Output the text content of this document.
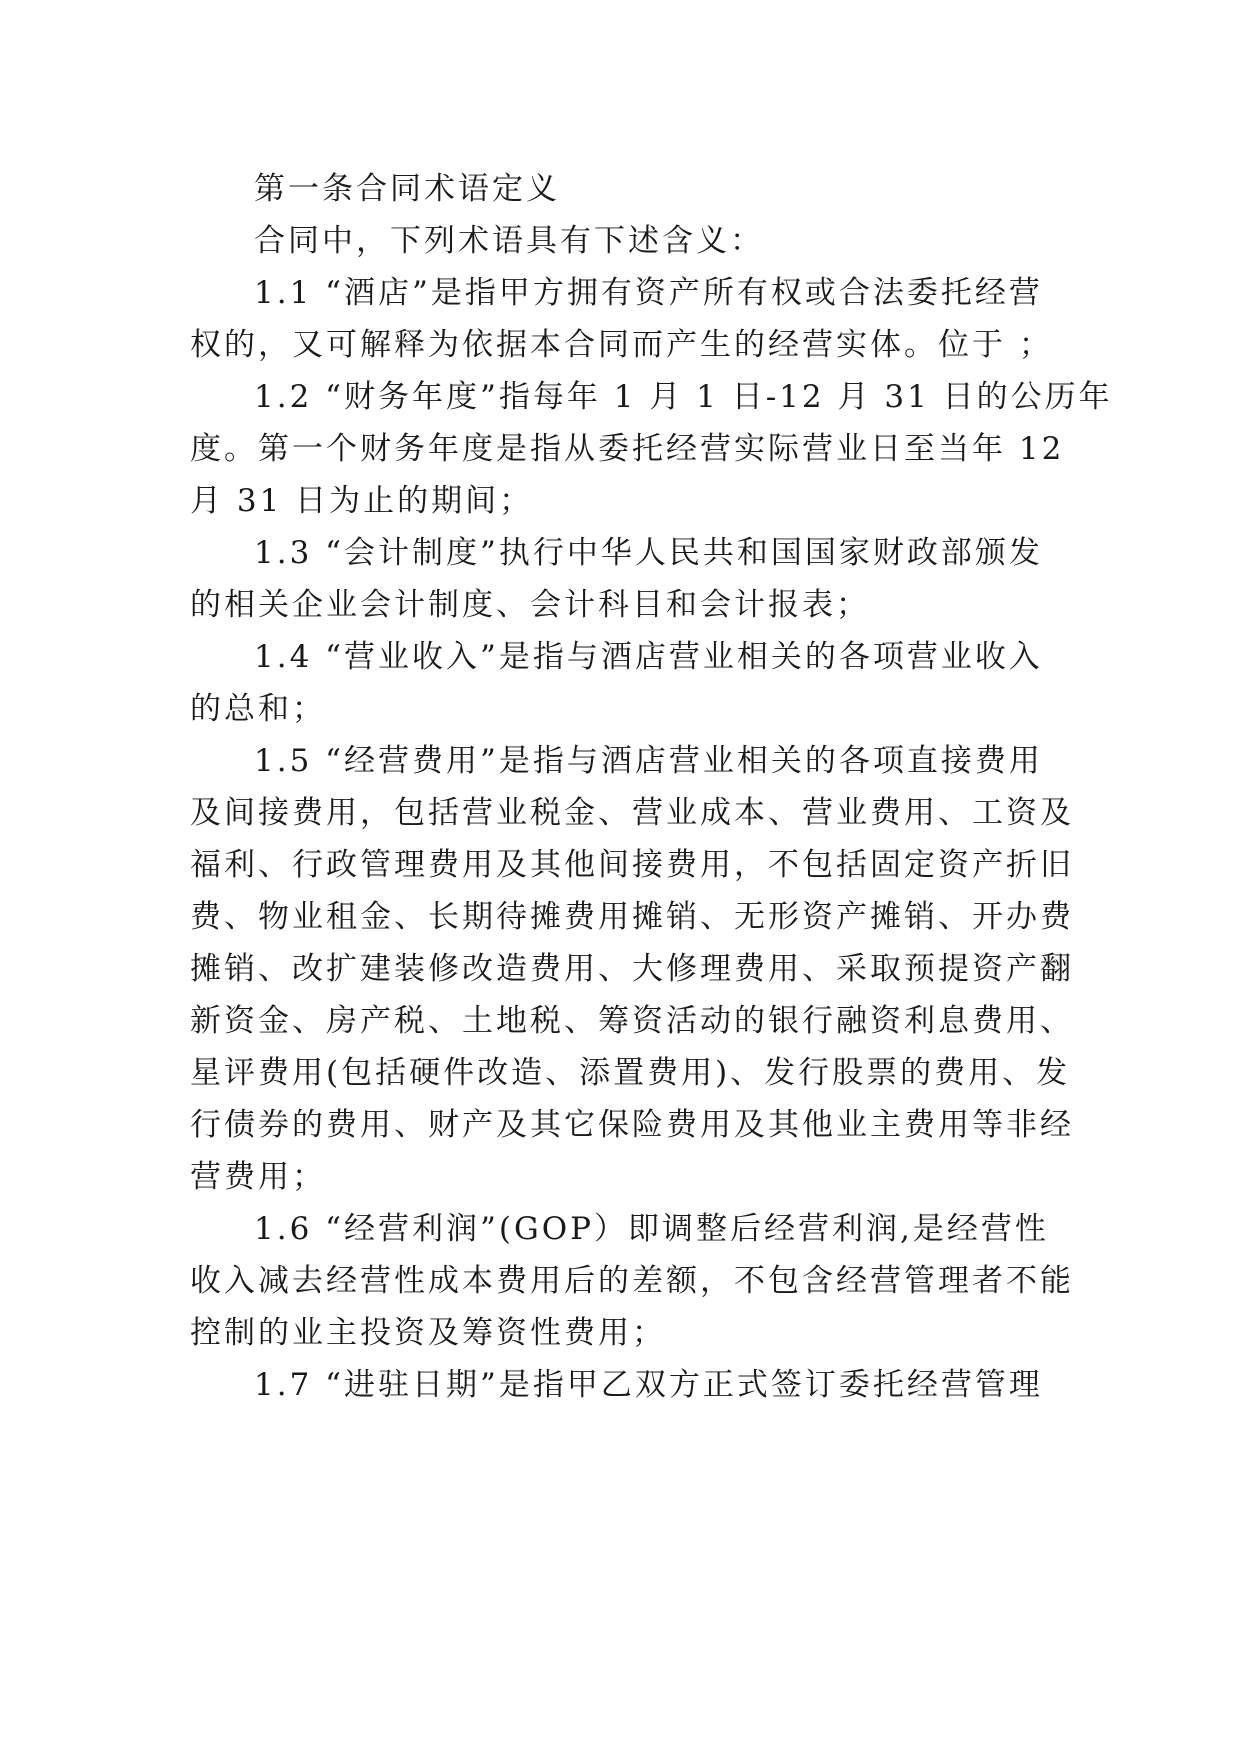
第一条合同术语定义
合同中，下列术语具有下述含义：
1.1 “酒店”是指甲方拥有资产所有权或合法委托经营
权的，又可解释为依据本合同而产生的经营实体。位于 ；
1.2 “财务年度”指每年 1 月 1 日-12 月 31 日的公历年
度。第一个财务年度是指从委托经营实际营业日至当年 12
月 31 日为止的期间；
1.3 “会计制度”执行中华人民共和国国家财政部颁发
的相关企业会计制度、会计科目和会计报表；
1.4 “营业收入”是指与酒店营业相关的各项营业收入
的总和；
1.5 “经营费用”是指与酒店营业相关的各项直接费用
及间接费用，包括营业税金、营业成本、营业费用、工资及
福利、行政管理费用及其他间接费用，不包括固定资产折旧
费、物业租金、长期待摊费用摊销、无形资产摊销、开办费
摊销、改扩建装修改造费用、大修理费用、采取预提资产翻
新资金、房产税、土地税、筹资活动的银行融资利息费用、
星评费用(包括硬件改造、添置费用)、发行股票的费用、发
行债券的费用、财产及其它保险费用及其他业主费用等非经
营费用；
1.6 “经营利润”(GOP）即调整后经营利润,是经营性
收入减去经营性成本费用后的差额，不包含经营管理者不能
控制的业主投资及筹资性费用；
1.7 “进驻日期”是指甲乙双方正式签订委托经营管理
